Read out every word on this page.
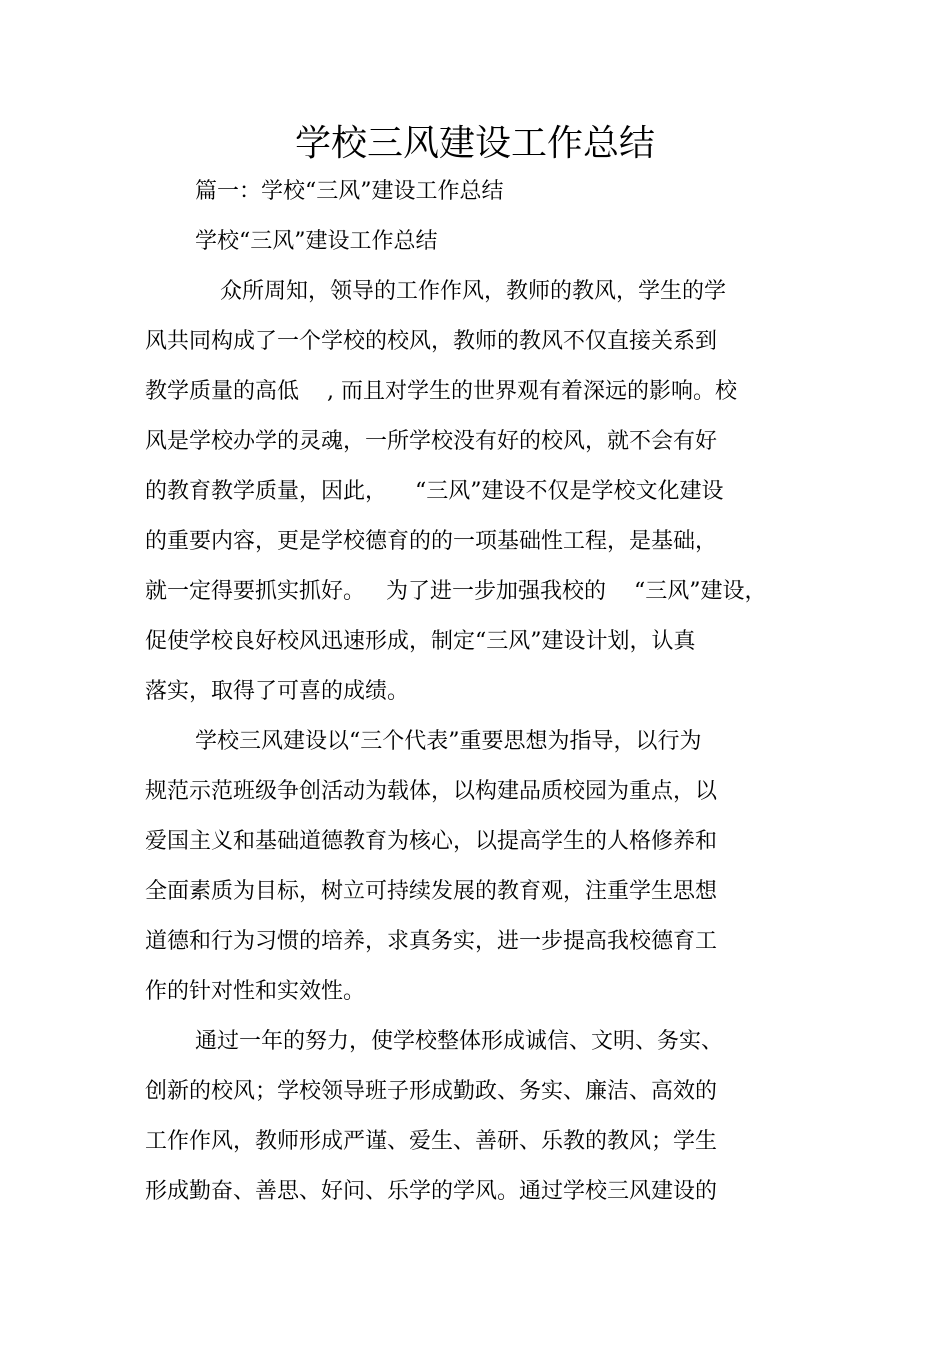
学校三风建设工作总结
篇一：学校“三风”建设工作总结
学校“三风”建设工作总结
众所周知，领导的工作作风，教师的教风，学生的学
风共同构成了一个学校的校风，教师的教风不仅直接关系到
教学质量的高低    , 而且对学生的世界观有着深远的影响。校
风是学校办学的灵魂，一所学校没有好的校风，就不会有好
的教育教学质量，因此，    “三风”建设不仅是学校文化建设
的重要内容，更是学校德育的的一项基础性工程，是基础，
就一定得要抓实抓好。   为了进一步加强我校的    “三风”建设，
促使学校良好校风迅速形成，制定“三风”建设计划，认真
落实，取得了可喜的成绩。
学校三风建设以“三个代表”重要思想为指导，以行为
规范示范班级争创活动为载体，以构建品质校园为重点，以
爱国主义和基础道德教育为核心，以提高学生的人格修养和
全面素质为目标，树立可持续发展的教育观，注重学生思想
道德和行为习惯的培养，求真务实，进一步提高我校德育工
作的针对性和实效性。
通过一年的努力，使学校整体形成诚信、文明、务实、
创新的校风；学校领导班子形成勤政、务实、廉洁、高效的
工作作风，教师形成严谨、爱生、善研、乐教的教风；学生
形成勤奋、善思、好问、乐学的学风。通过学校三风建设的
